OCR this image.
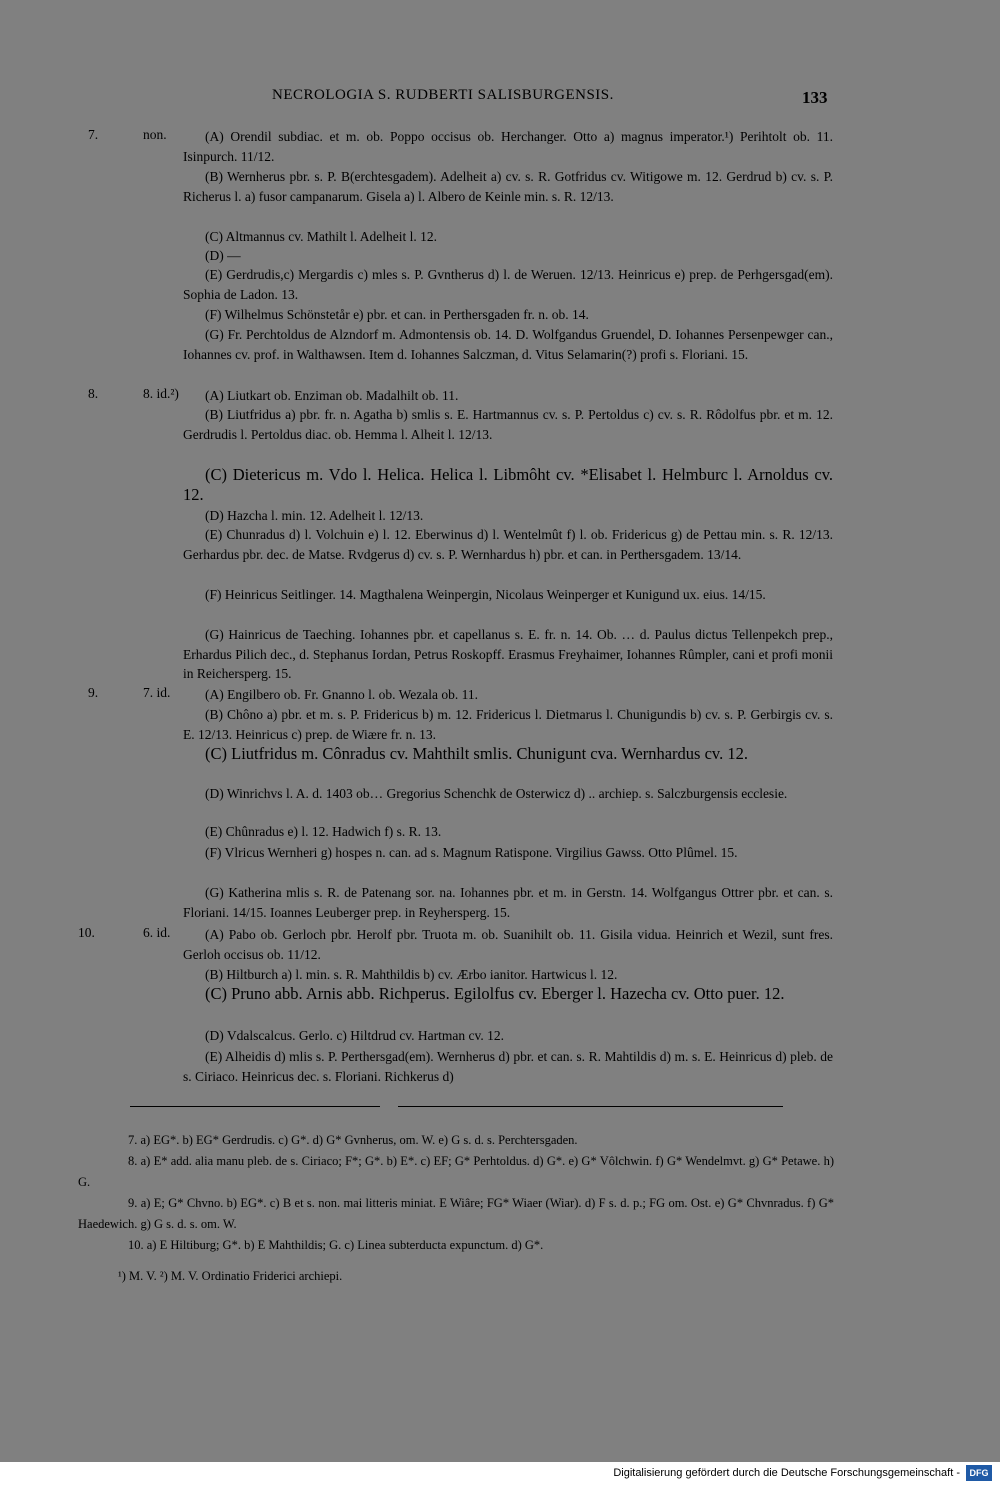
NECROLOGIA S. RUDBERTI SALISBURGENSIS.	133
7.	non.	(A) Orendil subdiac. et m. ob. Poppo occisus ob. Herchanger. Otto a) magnus imperator.¹) Perihtolt ob. 11. Isinpurch. 11/12.

(B) Wernherus pbr. s. P. B(erchtesgadem). Adelheit a) cv. s. R. Gotfridus cv. Witigowe m. 12. Gerdrud b) cv. s. P. Richerus l. a) fusor campanarum. Gisela a) l. Albero de Keinle min. s. R. 12/13.

(C) Altmannus cv. Mathilt l. Adelheit l. 12.

(D) —

(E) Gerdrudis,c) Mergardis c) mles s. P. Gvntherus d) l. de Weruen. 12/13. Heinricus e) prep. de Perhgersgad(em). Sophia de Ladon. 13.

(F) Wilhelmus Schönstetår e) pbr. et can. in Perthersgaden fr. n. ob. 14.

(G) Fr. Perchtoldus de Alzndorf m. Admontensis ob. 14. D. Wolfgandus Gruendel, D. Iohannes Persenpewger can., Iohannes cv. prof. in Walthawsen. Item d. Iohannes Salczman, d. Vitus Selamarin(?) profi s. Floriani. 15.

8.	8. id.²)	(A) Liutkart ob. Enziman ob. Madalhilt ob. 11.

(B) Liutfridus a) pbr. fr. n. Agatha b) smlis s. E. Hartmannus cv. s. P. Pertoldus c) cv. s. R. Rôdolfus pbr. et m. 12. Gerdrudis l. Pertoldus diac. ob. Hemma l. Alheit l. 12/13.

(C) Dietericus m. Vdo l. Helica. Helica l. Libmôht cv. *Elisabet l. Helmburc l. Arnoldus cv. 12.

(D) Hazcha l. min. 12. Adelheit l. 12/13.

(E) Chunradus d) l. Volchuin e) l. 12. Eberwinus d) l. Wentelmût f) l. ob. Fridericus g) de Pettau min. s. R. 12/13. Gerhardus pbr. dec. de Matse. Rvdgerus d) cv. s. P. Wernhardus h) pbr. et can. in Perthersgadem. 13/14.

(F) Heinricus Seitlinger. 14. Magthalena Weinpergin, Nicolaus Weinperger et Kunigund ux. eius. 14/15.

(G) Hainricus de Taeching. Iohannes pbr. et capellanus s. E. fr. n. 14. Ob. … d. Paulus dictus Tellenpekch prep., Erhardus Pilich dec., d. Stephanus Iordan, Petrus Roskopff. Erasmus Freyhaimer, Iohannes Rûmpler, cani et profi monii in Reichersperg. 15.

9.	7. id.	(A) Engilbero ob. Fr. Gnanno l. ob. Wezala ob. 11.

(B) Chôno a) pbr. et m. s. P. Fridericus b) m. 12. Fridericus l. Dietmarus l. Chunigundis b) cv. s. P. Gerbirgis cv. s. E. 12/13. Heinricus c) prep. de Wiære fr. n. 13.

(C) Liutfridus m. Cônradus cv. Mahthilt smlis. Chunigunt cva. Wernhardus cv. 12.

(D) Winrichvs l. A. d. 1403 ob… Gregorius Schenchk de Osterwicz d) .. archiep. s. Salczburgensis ecclesie.

(E) Chûnradus e) l. 12. Hadwich f) s. R. 13.

(F) Vlricus Wernheri g) hospes n. can. ad s. Magnum Ratispone. Virgilius Gawss. Otto Plûmel. 15.

(G) Katherina mlis s. R. de Patenang sor. na. Iohannes pbr. et m. in Gerstn. 14. Wolfgangus Ottrer pbr. et can. s. Floriani. 14/15. Ioannes Leuberger prep. in Reyhersperg. 15.

10.	6. id.	(A) Pabo ob. Gerloch pbr. Herolf pbr. Truota m. ob. Suanihilt ob. 11. Gisila vidua. Heinrich et Wezil, sunt fres. Gerloh occisus ob. 11/12.

(B) Hiltburch a) l. min. s. R. Mahthildis b) cv. Ærbo ianitor. Hartwicus l. 12.

(C) Pruno abb. Arnis abb. Richperus. Egilolfus cv. Eberger l. Hazecha cv. Otto puer. 12.

(D) Vdalscalcus. Gerlo. c) Hiltdrud cv. Hartman cv. 12.

(E) Alheidis d) mlis s. P. Perthersgad(em). Wernherus d) pbr. et can. s. R. Mahtildis d) m. s. E. Heinricus d) pleb. de s. Ciriaco. Heinricus dec. s. Floriani. Richkerus d)

7. a) EG*. b) EG* Gerdrudis. c) G*. d) G* Gvnherus, om. W. e) G s. d. s. Perchtersgaden.

8. a) E* add. alia manu pleb. de s. Ciriaco; F*; G*. b) E*. c) EF; G* Perhtoldus. d) G*. e) G* Vôlchwin. f) G* Wendelmvt. g) G* Petawe. h) G.

9. a) E; G* Chvno. b) EG*. c) B et s. non. mai litteris miniat. E Wiâre; FG* Wiaer (Wiar). d) F s. d. p.; FG om. Ost. e) G* Chvnradus. f) G* Haedewich. g) G s. d. s. om. W.

10. a) E Hiltiburg; G*. b) E Mahthildis; G. c) Linea subterducta expunctum. d) G*.

¹) M. V. ²) M. V. Ordinatio Friderici archiepi.

Digitalisierung gefördert durch die Deutsche Forschungsgemeinschaft -	DFG
